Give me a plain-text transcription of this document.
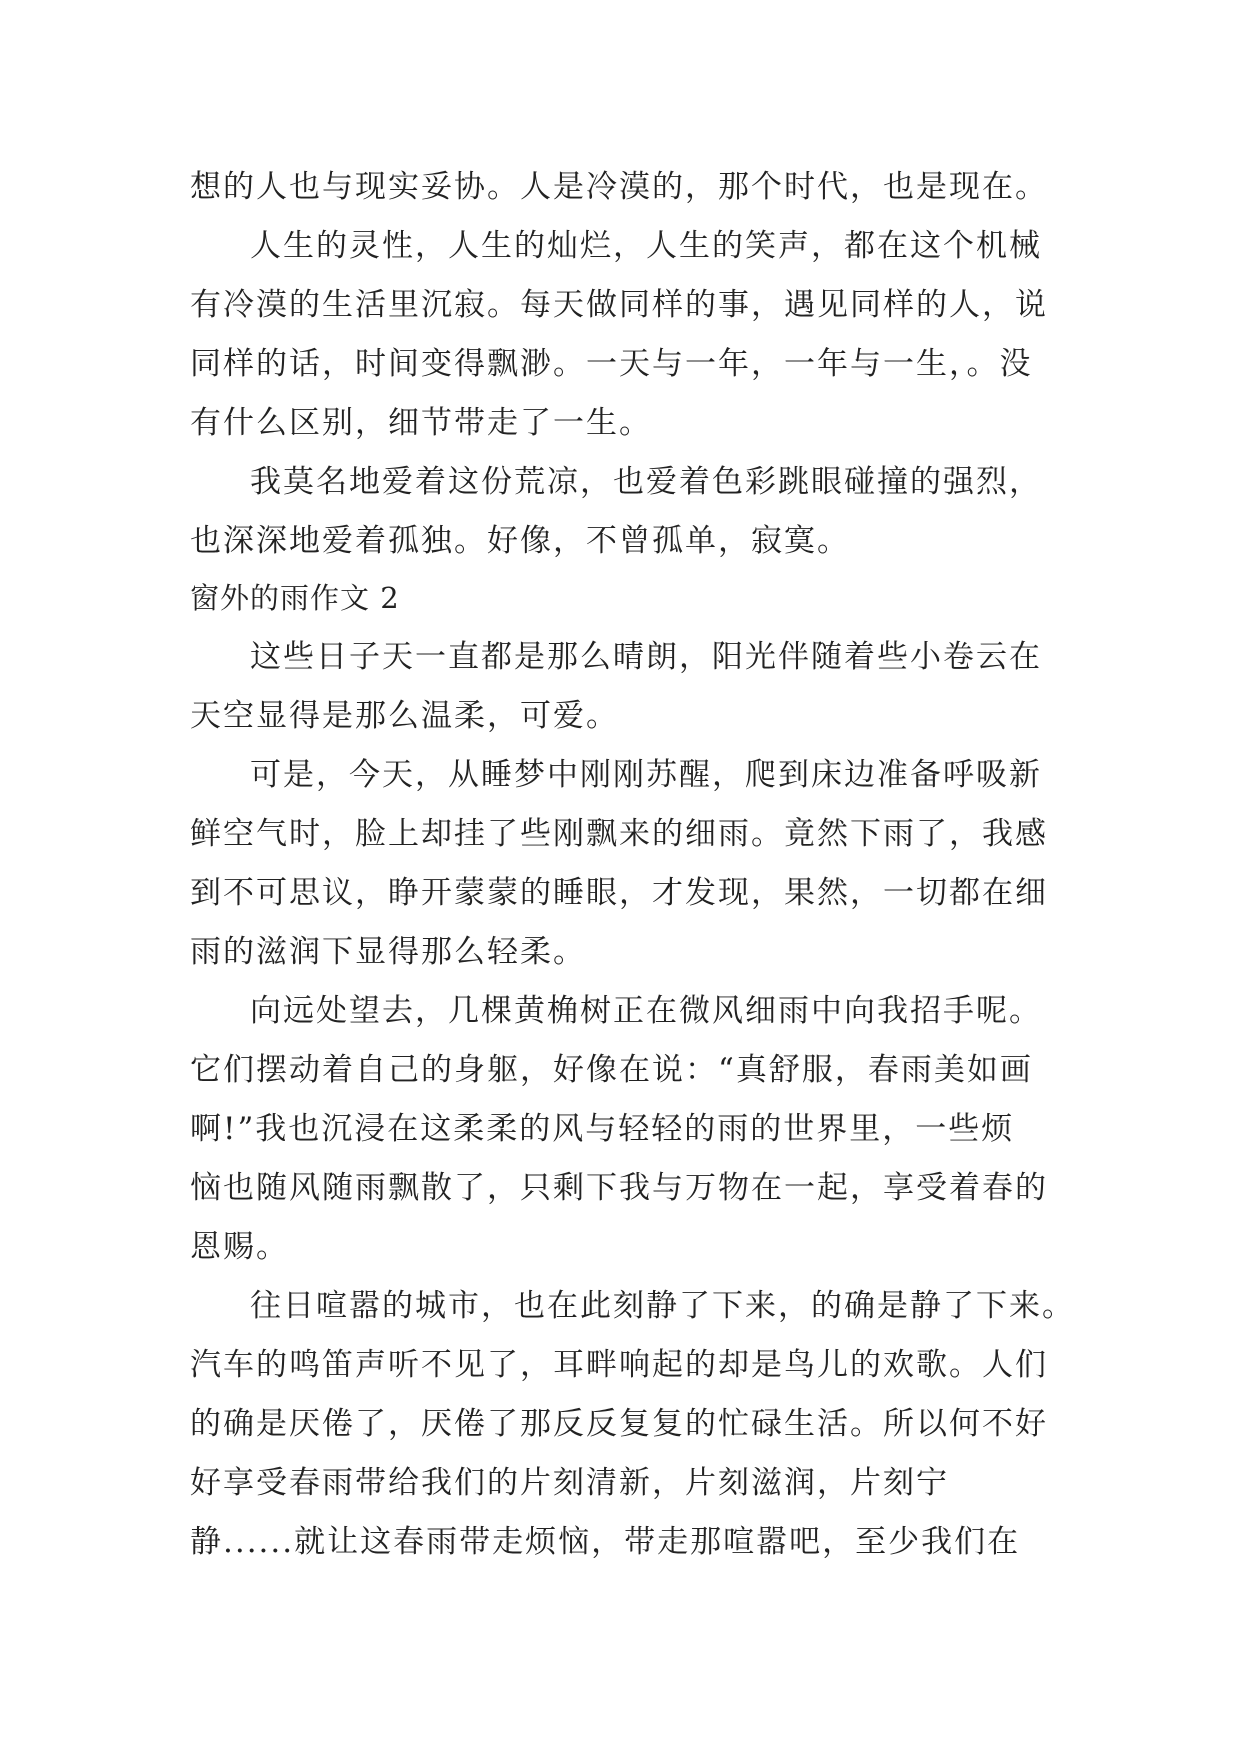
想的人也与现实妥协。人是冷漠的，那个时代，也是现在。
人生的灵性，人生的灿烂，人生的笑声，都在这个机械
有冷漠的生活里沉寂。每天做同样的事，遇见同样的人，说
同样的话，时间变得飘渺。一天与一年，一年与一生，。没
有什么区别，细节带走了一生。
我莫名地爱着这份荒凉，也爱着色彩跳眼碰撞的强烈，
也深深地爱着孤独。好像，不曾孤单，寂寞。
窗外的雨作文 2
这些日子天一直都是那么晴朗，阳光伴随着些小卷云在
天空显得是那么温柔，可爱。
可是，今天，从睡梦中刚刚苏醒，爬到床边准备呼吸新
鲜空气时，脸上却挂了些刚飘来的细雨。竟然下雨了，我感
到不可思议，睁开蒙蒙的睡眼，才发现，果然，一切都在细
雨的滋润下显得那么轻柔。
向远处望去，几棵黄桷树正在微风细雨中向我招手呢。
它们摆动着自己的身躯，好像在说：“真舒服，春雨美如画
啊!”我也沉浸在这柔柔的风与轻轻的雨的世界里，一些烦
恼也随风随雨飘散了，只剩下我与万物在一起，享受着春的
恩赐。
往日喧嚣的城市，也在此刻静了下来，的确是静了下来。
汽车的鸣笛声听不见了，耳畔响起的却是鸟儿的欢歌。人们
的确是厌倦了，厌倦了那反反复复的忙碌生活。所以何不好
好享受春雨带给我们的片刻清新，片刻滋润，片刻宁
静......就让这春雨带走烦恼，带走那喧嚣吧，至少我们在
